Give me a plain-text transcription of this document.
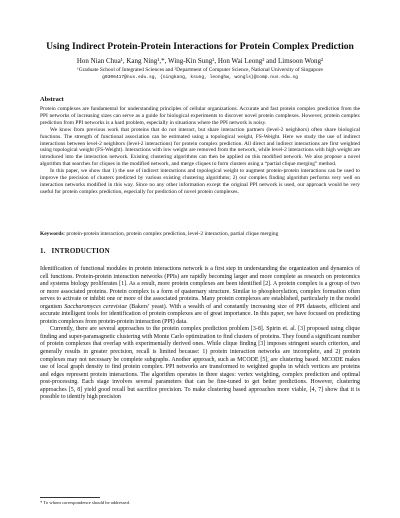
Using Indirect Protein-Protein Interactions for Protein Complex Prediction
Hon Nian Chua¹, Kang Ning¹,*, Wing-Kin Sung², Hon Wai Leong² and Limsoon Wong²
¹Graduate School of Integrated Sciences and ²Department of Computer Science, National University of Singapore
g0306417@nus.edu.sg, {ningkang, ksung, leonghw, wongls}@comp.nus.edu.sg
Abstract

Protein complexes are fundamental for understanding principles of cellular organizations. Accurate and fast protein complex prediction from the PPI networks of increasing sizes can serve as a guide for biological experiments to discover novel protein complexes. However, protein complex prediction from PPI networks is a hard problem, especially in situations where the PPI network is noisy.

We know from previous work that proteins that do not interact, but share interaction partners (level-2 neighbors) often share biological functions. The strength of functional association can be estimated using a topological weight, FS-Weight. Here we study the use of indirect interactions between level-2 neighbors (level-2 interactions) for protein complex prediction. All direct and indirect interactions are first weighted using topological weight (FS-Weight). Interactions with low weight are removed from the network, while level-2 interactions with high weight are introduced into the interaction network. Existing clustering algorithms can then be applied on this modified network. We also propose a novel algorithm that searches for cliques in the modified network, and merge cliques to form clusters using a “partial clique merging” method.

In this paper, we show that 1) the use of indirect interactions and topological weight to augment protein-protein interactions can be used to improve the precision of clusters predicted by various existing clustering algorithms; 2) our complex finding algorithm performs very well on interaction networks modified in this way. Since no any other information except the original PPI network is used, our approach would be very useful for protein complex prediction, especially for prediction of novel protein complexes.

Keywords: protein-protein interaction, protein complex prediction, level-2 interaction, partial clique merging
1. INTRODUCTION

Identification of functional modules in protein interactions network is a first step in understanding the organization and dynamics of cell functions. Protein-protein interaction networks (PPIs) are rapidly becoming larger and more complete as research on proteomics and systems biology proliferates [1]. As a result, more protein complexes are been identified [2]. A protein complex is a group of two or more associated proteins. Protein complex is a form of quaternary structure. Similar to phosphorylation, complex formation often serves to activate or inhibit one or more of the associated proteins. Many protein complexes are established, particularly in the model organism Saccharomyces cerevisiae (Bakers’ yeast). With a wealth of and constantly increasing size of PPI datasets, efficient and accurate intelligent tools for identification of protein complexes are of great importance. In this paper, we have focused on predicting protein complexes from protein-protein interaction (PPI) data.

Currently, there are several approaches to the protein complex prediction problem [3-8]. Spirin et. al. [3] proposed using clique finding and super-paramagnetic clustering with Monte Carlo optimization to find clusters of proteins. They found a significant number of protein complexes that overlap with experimentally derived ones. While clique finding [3] imposes stringent search criterion, and generally results in greater precision, recall is limited because: 1) protein interaction networks are incomplete, and 2) protein complexes may not necessary be complete subgraphs. Another approach, such as MCODE [5], are clustering based. MCODE makes use of local graph density to find protein complex. PPI networks are transformed to weighted graphs in which vertices are proteins and edges represent protein interactions. The algorithm operates in three stages: vertex weighting, complex prediction and optimal post-processing. Each stage involves several parameters that can be fine-tuned to get better predictions. However, clustering approaches [5, 8] yield good recall but sacrifice precision. To make clustering based approaches more viable, [4, 7] show that it is possible to identify high precision

* To whom correspondence should be addressed.
